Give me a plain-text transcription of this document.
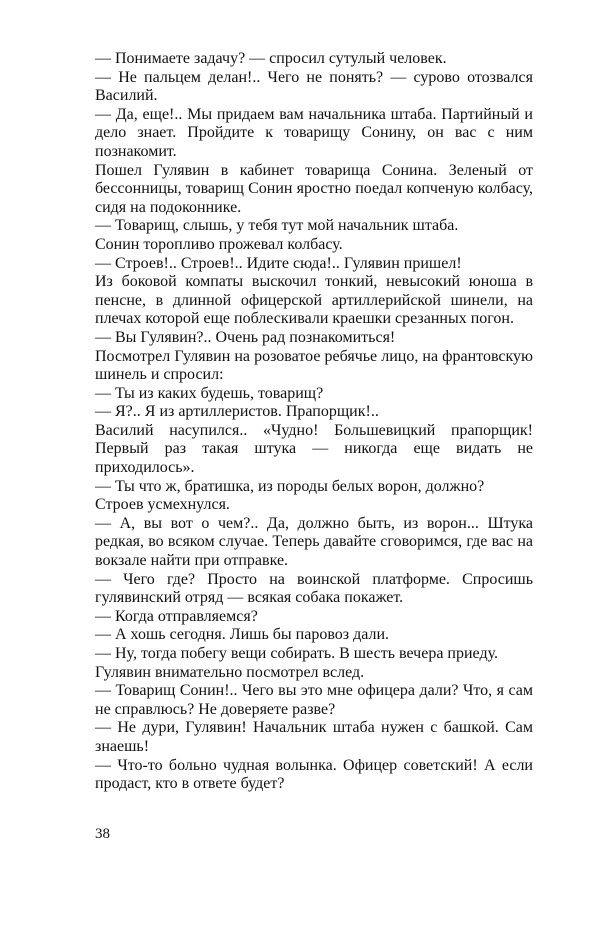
— Понимаете задачу? — спросил сутулый человек.

— Не пальцем делан!.. Чего не понять? — сурово отозвался Василий.

— Да, еще!.. Мы придаем вам начальника штаба. Партийный и дело знает. Пройдите к товарищу Сонину, он вас с ним познакомит.

Пошел Гулявин в кабинет товарища Сонина. Зеленый от бессонницы, товарищ Сонин яростно поедал копченую колбасу, сидя на подоконнике.

— Товарищ, слышь, у тебя тут мой начальник штаба.

Сонин торопливо прожевал колбасу.

— Строев!.. Строев!.. Идите сюда!.. Гулявин пришел!

Из боковой компаты выскочил тонкий, невысокий юноша в пенсне, в длинной офицерской артиллерийской шинели, на плечах которой еще поблескивали краешки срезанных погон.

— Вы Гулявин?.. Очень рад познакомиться!

Посмотрел Гулявин на розоватое ребячье лицо, на франтовскую шинель и спросил:

— Ты из каких будешь, товарищ?

— Я?.. Я из артиллеристов. Прапорщик!..

Василий насупился.. «Чудно! Большевицкий прапорщик! Первый раз такая штука — никогда еще видать не приходилось».

— Ты что ж, братишка, из породы белых ворон, должно?

Строев усмехнулся.

— А, вы вот о чем?.. Да, должно быть, из ворон... Штука редкая, во всяком случае. Теперь давайте сговоримся, где вас на вокзале найти при отправке.

— Чего где? Просто на воинской платформе. Спросишь гулявинский отряд — всякая собака покажет.

— Когда отправляемся?

— А хошь сегодня. Лишь бы паровоз дали.

— Ну, тогда побегу вещи собирать. В шесть вечера приеду.

Гулявин внимательно посмотрел вслед.

— Товарищ Сонин!.. Чего вы это мне офицера дали? Что, я сам не справлюсь? Не доверяете разве?

— Не дури, Гулявин! Начальник штаба нужен с башкой. Сам знаешь!

— Что-то больно чудная волынка. Офицер советский! А если продаст, кто в ответе будет?

38
